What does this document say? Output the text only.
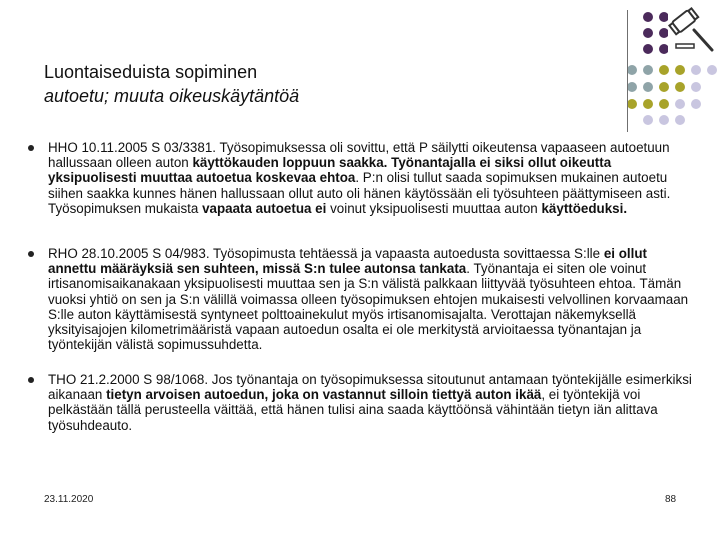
Luontaiseduista sopiminen
autoetu; muuta oikeuskäytäntöä
HHO 10.11.2005 S 03/3381. Työsopimuksessa oli sovittu, että P säilytti oikeutensa vapaaseen autoetuun hallussaan olleen auton käyttökauden loppuun saakka. Työnantajalla ei siksi ollut oikeutta yksipuolisesti muuttaa autoetua koskevaa ehtoa. P:n olisi tullut saada sopimuksen mukainen autoetu siihen saakka kunnes hänen hallussaan ollut auto oli hänen käytössään eli työsuhteen päättymiseen asti. Työsopimuksen mukaista vapaata autoetua ei voinut yksipuolisesti muuttaa auton käyttöeduksi.
RHO 28.10.2005 S 04/983. Työsopimusta tehtäessä ja vapaasta autoedusta sovittaessa S:lle ei ollut annettu määräyksiä sen suhteen, missä S:n tulee autonsa tankata. Työnantaja ei siten ole voinut irtisanomisaikanakaan yksipuolisesti muuttaa sen ja S:n välistä palkkaan liittyvää työsuhteen ehtoa. Tämän vuoksi yhtiö on sen ja S:n välillä voimassa olleen työsopimuksen ehtojen mukaisesti velvollinen korvaamaan S:lle auton käyttämisestä syntyneet polttoainekulut myös irtisanomisajalta. Verottajan näkemyksellä yksityisajojen kilometrimääristä vapaan autoedun osalta ei ole merkitystä arvioitaessa työnantajan ja työntekijän välistä sopimussuhdetta.
THO 21.2.2000 S 98/1068. Jos työnantaja on työsopimuksessa sitoutunut antamaan työntekijälle esimerkiksi aikanaan tietyn arvoisen autoedun, joka on vastannut silloin tiettyä auton ikää, ei työntekijä voi pelkästään tällä perusteella väittää, että hänen tulisi aina saada käyttöönsä vähintään tietyn iän alittava työsuhdeauto.
23.11.2020	88
